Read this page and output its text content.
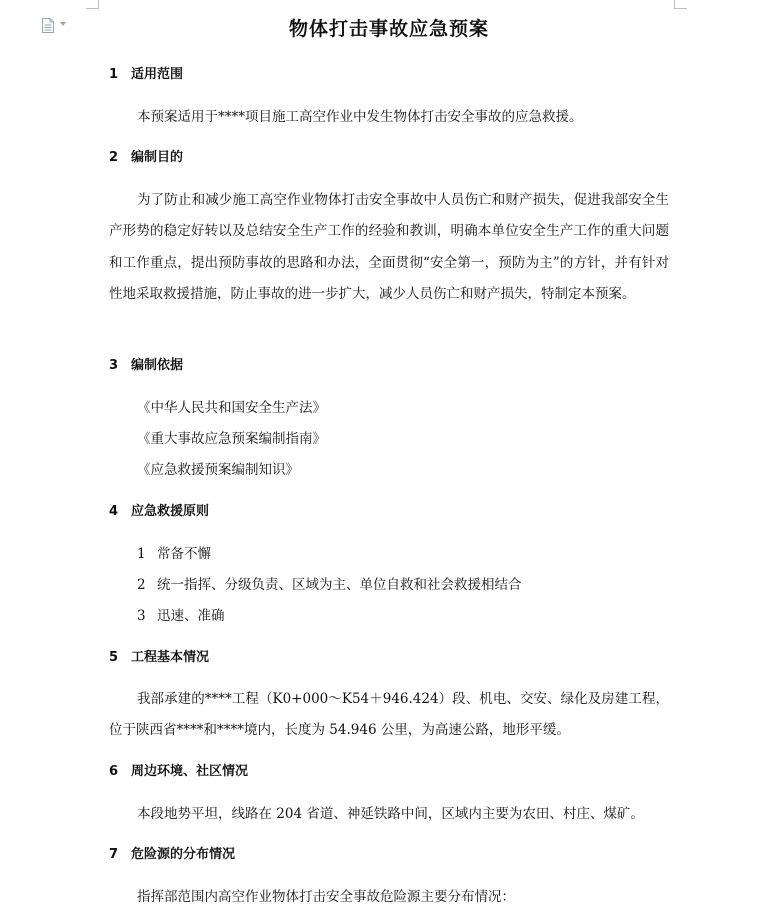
物体打击事故应急预案
1 适用范围
本预案适用于****项目施工高空作业中发生物体打击安全事故的应急救援。
2 编制目的
为了防止和减少施工高空作业物体打击安全事故中人员伤亡和财产损失，促进我部安全生产形势的稳定好转以及总结安全生产工作的经验和教训，明确本单位安全生产工作的重大问题和工作重点，提出预防事故的思路和办法，全面贯彻“安全第一，预防为主”的方针，并有针对性地采取救援措施，防止事故的进一步扩大，减少人员伤亡和财产损失，特制定本预案。
3 编制依据
《中华人民共和国安全生产法》
《重大事故应急预案编制指南》
《应急救援预案编制知识》
4 应急救援原则
1 常备不懈
2 统一指挥、分级负责、区域为主、单位自救和社会救援相结合
3 迅速、准确
5 工程基本情况
我部承建的****工程（K0+000～K54＋946.424）段、机电、交安、绿化及房建工程，位于陕西省****和****境内，长度为 54.946 公里，为高速公路，地形平缓。
6 周边环境、社区情况
本段地势平坦，线路在 204 省道、神延铁路中间，区域内主要为农田、村庄、煤矿。
7 危险源的分布情况
指挥部范围内高空作业物体打击安全事故危险源主要分布情况：
